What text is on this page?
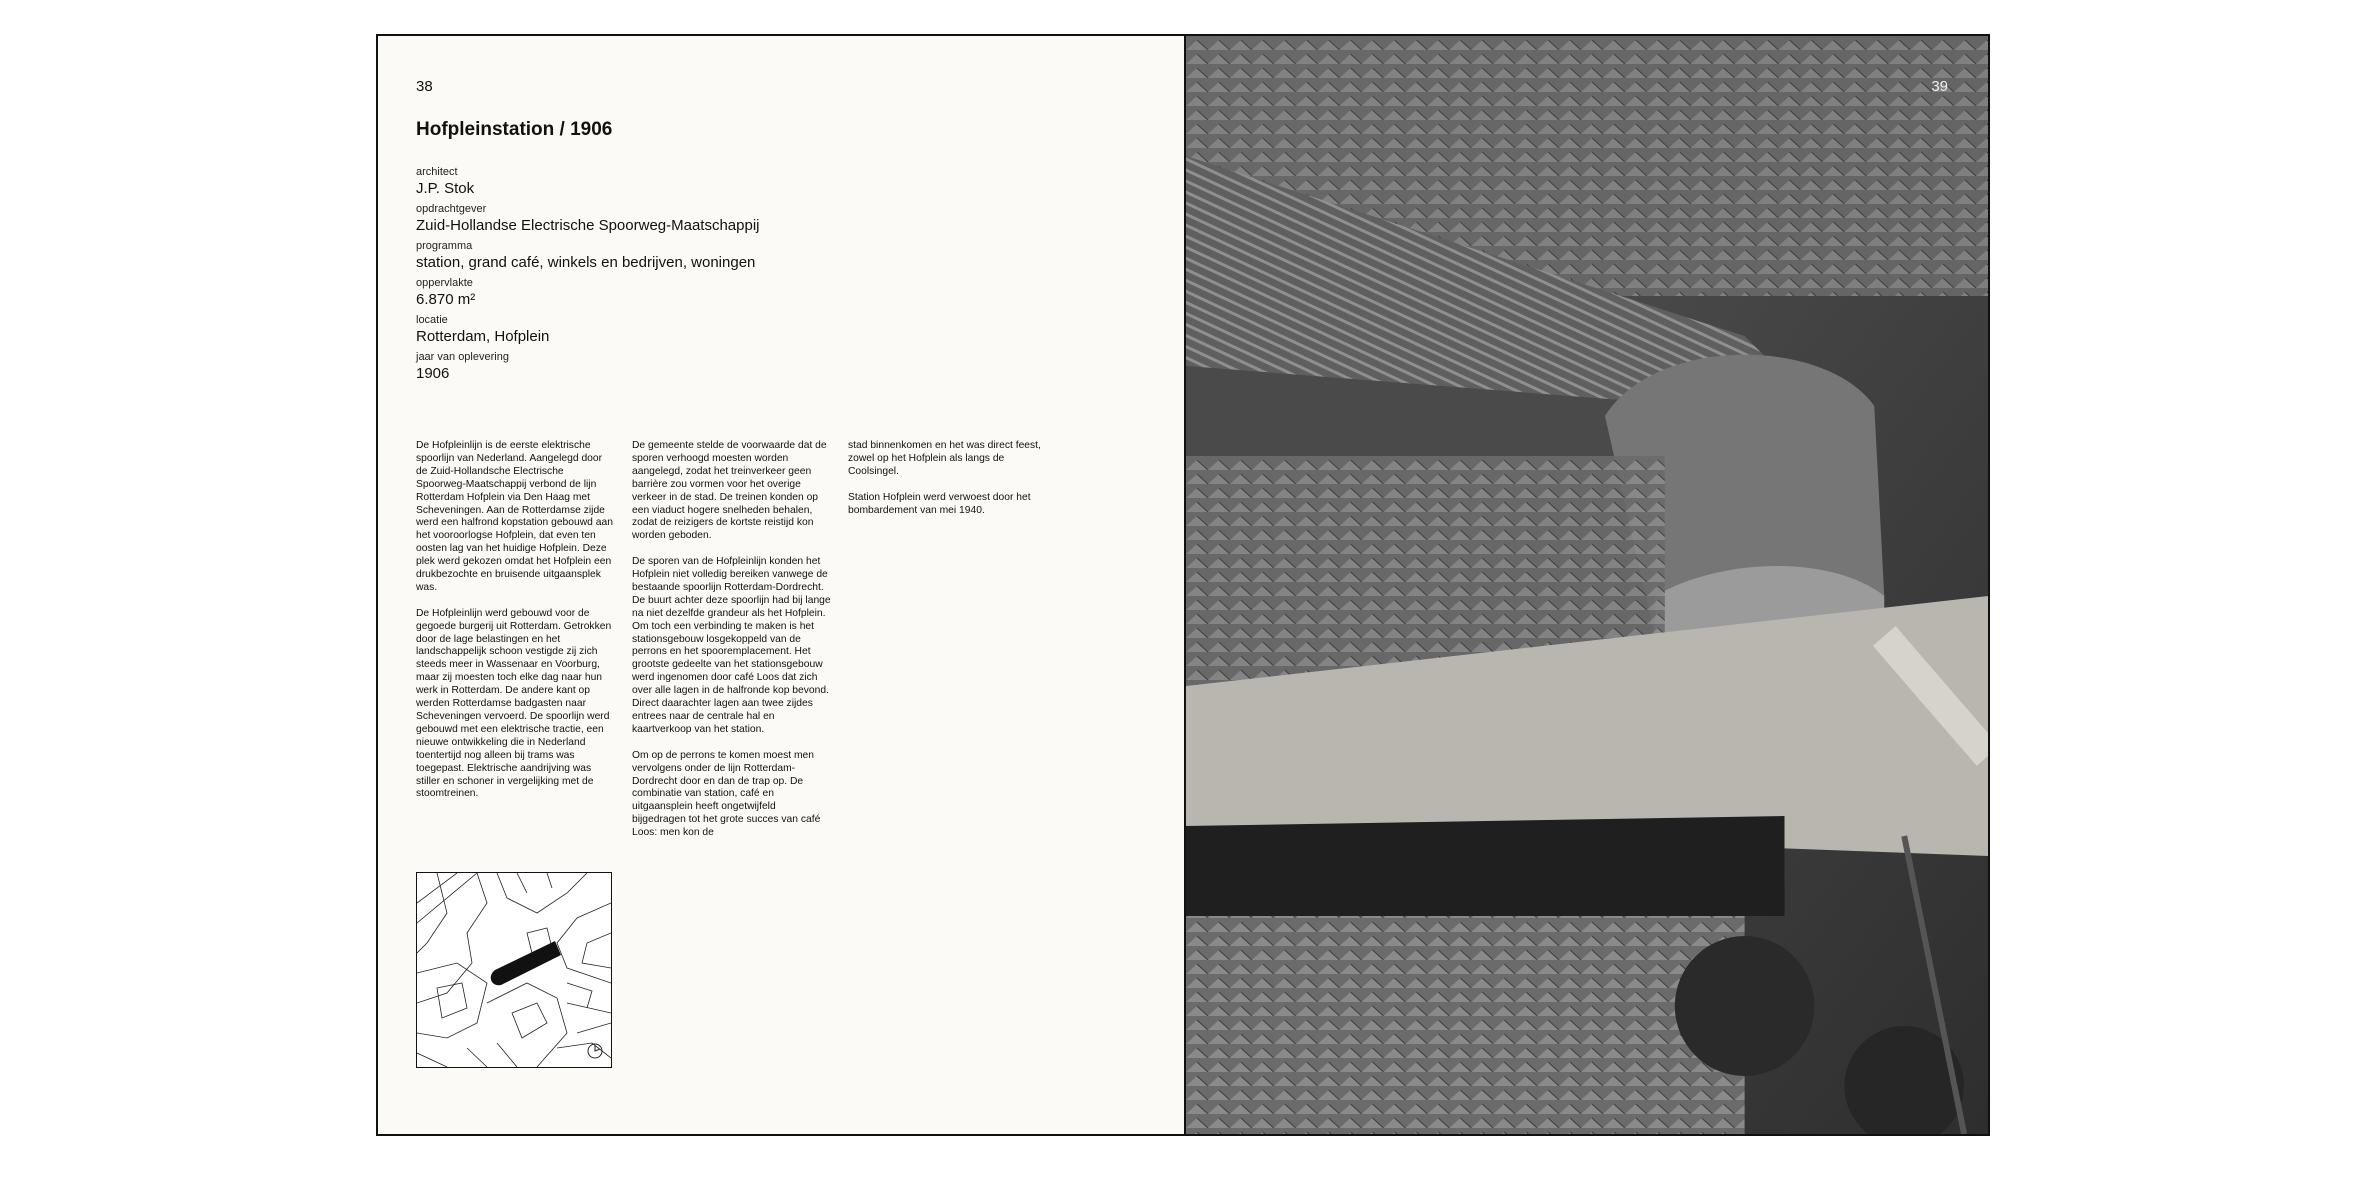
38
Hofpleinstation / 1906
architect
J.P. Stok
opdrachtgever
Zuid-Hollandse Electrische Spoorweg-Maatschappij
programma
station, grand café, winkels en bedrijven, woningen
oppervlakte
6.870 m²
locatie
Rotterdam, Hofplein
jaar van oplevering
1906

De Hofpleinlijn is de eerste elektrische spoorlijn van Nederland. Aangelegd door de Zuid-Hollandsche Electrische Spoorweg-Maatschappij verbond de lijn Rotterdam Hofplein via Den Haag met Scheveningen. Aan de Rotterdamse zijde werd een halfrond kopstation gebouwd aan het vooroorlogse Hofplein, dat even ten oosten lag van het huidige Hofplein. Deze plek werd gekozen omdat het Hofplein een drukbezochte en bruisende uitgaansplek was.

De Hofpleinlijn werd gebouwd voor de gegoede burgerij uit Rotterdam. Getrokken door de lage belastingen en het landschappelijk schoon vestigde zij zich steeds meer in Wassenaar en Voorburg, maar zij moesten toch elke dag naar hun werk in Rotterdam. De andere kant op werden Rotterdamse badgasten naar Scheveningen vervoerd. De spoorlijn werd gebouwd met een elektrische tractie, een nieuwe ontwikkeling die in Nederland toentertijd nog alleen bij trams was toegepast. Elektrische aandrijving was stiller en schoner in vergelijking met de stoomtreinen.

De gemeente stelde de voorwaarde dat de sporen verhoogd moesten worden aangelegd, zodat het treinverkeer geen barrière zou vormen voor het overige verkeer in de stad. De treinen konden op een viaduct hogere snelheden behalen, zodat de reizigers de kortste reistijd kon worden geboden.

De sporen van de Hofpleinlijn konden het Hofplein niet volledig bereiken vanwege de bestaande spoorlijn Rotterdam-Dordrecht. De buurt achter deze spoorlijn had bij lange na niet dezelfde grandeur als het Hofplein. Om toch een verbinding te maken is het stationsgebouw losgekoppeld van de perrons en het spooremplacement. Het grootste gedeelte van het stationsgebouw werd ingenomen door café Loos dat zich over alle lagen in de halfronde kop bevond. Direct daarachter lagen aan twee zijdes entrees naar de centrale hal en kaartverkoop van het station.

Om op de perrons te komen moest men vervolgens onder de lijn Rotterdam-Dordrecht door en dan de trap op. De combinatie van station, café en uitgaansplein heeft ongetwijfeld bijgedragen tot het grote succes van café Loos: men kon de

stad binnenkomen en het was direct feest, zowel op het Hofplein als langs de Coolsingel.

Station Hofplein werd verwoest door het bombardement van mei 1940.

39
